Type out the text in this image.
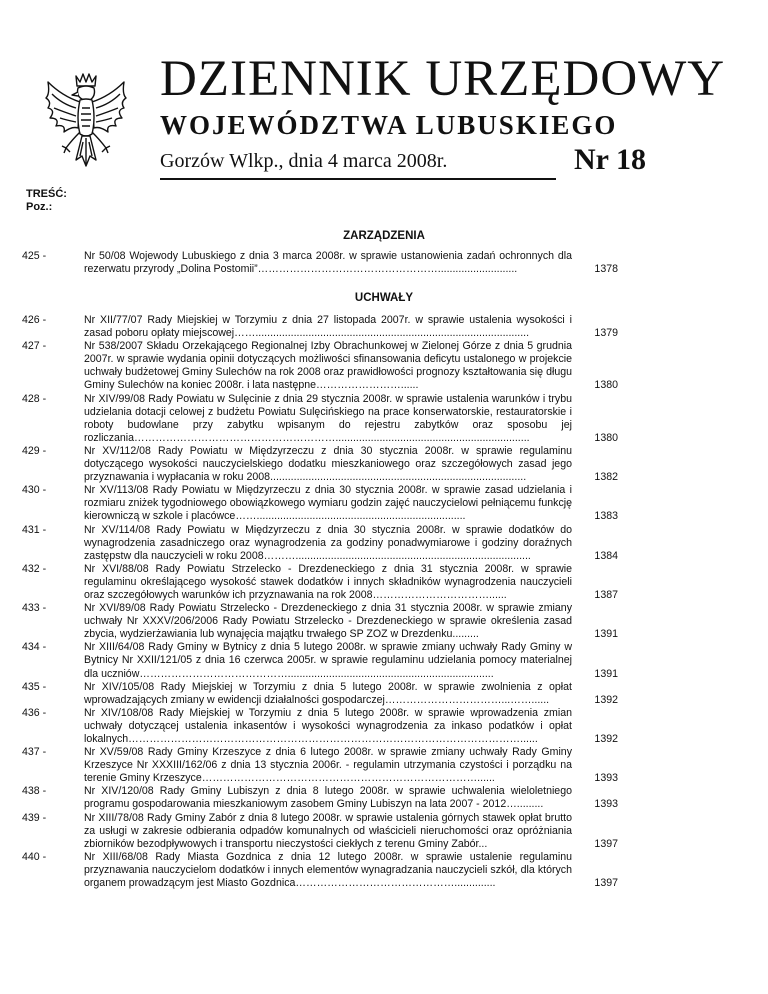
DZIENNIK URZĘDOWY
WOJEWÓDZTWA LUBUSKIEGO
Gorzów Wlkp., dnia 4 marca 2008r.	Nr 18
TREŚĆ:
Poz.:
ZARZĄDZENIA
425 -	Nr 50/08 Wojewody Lubuskiego z dnia 3 marca 2008r. w sprawie ustanowienia zadań ochronnych dla rezerwatu przyrody „Dolina Postomii”……………………………………………...........................	1378
UCHWAŁY
426 -	Nr XII/77/07 Rady Miejskiej w Torzymiu z dnia 27 listopada 2007r. w sprawie ustalenia wysokości i zasad poboru opłaty miejscowej…….............................................................................................	1379
427 -	Nr 538/2007 Składu Orzekającego Regionalnej Izby Obrachunkowej w Zielonej Górze z dnia 5 grudnia 2007r. w sprawie wydania opinii dotyczących możliwości sfinansowania deficytu ustalonego w projekcie uchwały budżetowej Gminy Sulechów na rok 2008 oraz prawidłowości prognozy kształtowania się długu Gminy Sulechów na koniec 2008r. i lata następne……………………......	1380
428 -	Nr XIV/99/08 Rady Powiatu w Sulęcinie z dnia 29 stycznia 2008r. w sprawie ustalenia warunków i trybu udzielania dotacji celowej z budżetu Powiatu Sulęcińskiego na prace konserwatorskie, restauratorskie i roboty budowlane przy zabytku wpisanym do rejestru zabytków oraz sposobu jej rozliczania…………………………………………………..................................................................	1380
429 -	Nr XV/112/08 Rady Powiatu w Międzyrzeczu z dnia 30 stycznia 2008r. w sprawie regulaminu dotyczącego wysokości nauczycielskiego dodatku mieszkaniowego oraz szczegółowych zasad jego przyznawania i wypłacania w roku 2008.......................................................................................	1382
430 -	Nr XV/113/08 Rady Powiatu w Międzyrzeczu z dnia 30 stycznia 2008r. w sprawie zasad udzielania i rozmiaru zniżek tygodniowego obowiązkowego wymiaru godzin zajęć nauczycielowi pełniącemu funkcję kierowniczą w szkole i placówce…….......................................................................	1383
431 -	Nr XV/114/08 Rady Powiatu w Międzyrzeczu z dnia 30 stycznia 2008r. w sprawie dodatków do wynagrodzenia zasadniczego oraz wynagrodzenia za godziny ponadwymiarowe i godziny doraźnych zastępstw dla nauczycieli w roku 2008………................................................................................	1384
432 -	Nr XVI/88/08 Rady Powiatu Strzelecko - Drezdeneckiego z dnia 31 stycznia 2008r. w sprawie regulaminu określającego wysokość stawek dodatków i innych składników wynagrodzenia nauczycieli oraz szczegółowych warunków ich przyznawania na rok 2008……………………………......	1387
433 -	Nr XVI/89/08 Rady Powiatu Strzelecko - Drezdeneckiego z dnia 31 stycznia 2008r. w sprawie zmiany uchwały Nr XXXV/206/2006 Rady Powiatu Strzelecko - Drezdeneckiego w sprawie określenia zasad zbycia, wydzierżawiania lub wynajęcia majątku trwałego SP ZOZ w Drezdenku.........	1391
434 -	Nr XIII/64/08 Rady Gminy w Bytnicy z dnia 5 lutego 2008r. w sprawie zmiany uchwały Rady Gminy w Bytnicy Nr XXII/121/05 z dnia 16 czerwca 2005r. w sprawie regulaminu udzielania pomocy materialnej dla uczniów……………………………………......................................................................	1391
435 -	Nr XIV/105/08 Rady Miejskiej w Torzymiu z dnia 5 lutego 2008r. w sprawie zwolnienia z opłat wprowadzających zmiany w ewidencji działalności gospodarczej……………………………...……......	1392
436 -	Nr XIV/108/08 Rady Miejskiej w Torzymiu z dnia 5 lutego 2008r. w sprawie wprowadzenia zmian uchwały dotyczącej ustalenia inkasentów i wysokości wynagrodzenia za inkaso podatków i opłat lokalnych…………………………………………………………………………………………………......	1392
437 -	Nr XV/59/08 Rady Gminy Krzeszyce z dnia 6 lutego 2008r. w sprawie zmiany uchwały Rady Gminy Krzeszyce Nr XXXIII/162/06 z dnia 13 stycznia 2006r. - regulamin utrzymania czystości i porządku na terenie Gminy Krzeszyce……………………………………………………………………......	1393
438 -	Nr XIV/120/08 Rady Gminy Lubiszyn z dnia 8 lutego 2008r. w sprawie uchwalenia wieloletniego programu gospodarowania mieszkaniowym zasobem Gminy Lubiszyn na lata 2007 - 2012….........	1393
439 -	Nr XIII/78/08 Rady Gminy Zabór z dnia 8 lutego 2008r. w sprawie ustalenia górnych stawek opłat brutto za usługi w zakresie odbierania odpadów komunalnych od właścicieli nieruchomości oraz opróżniania zbiorników bezodpływowych i transportu nieczystości ciekłych z terenu Gminy Zabór...	1397
440 -	Nr XIII/68/08 Rady Miasta Gozdnica z dnia 12 lutego 2008r. w sprawie ustalenie regulaminu przyznawania nauczycielom dodatków i innych elementów wynagradzania nauczycieli szkół, dla których organem prowadzącym jest Miasto Gozdnica………………………………………..............	1397
